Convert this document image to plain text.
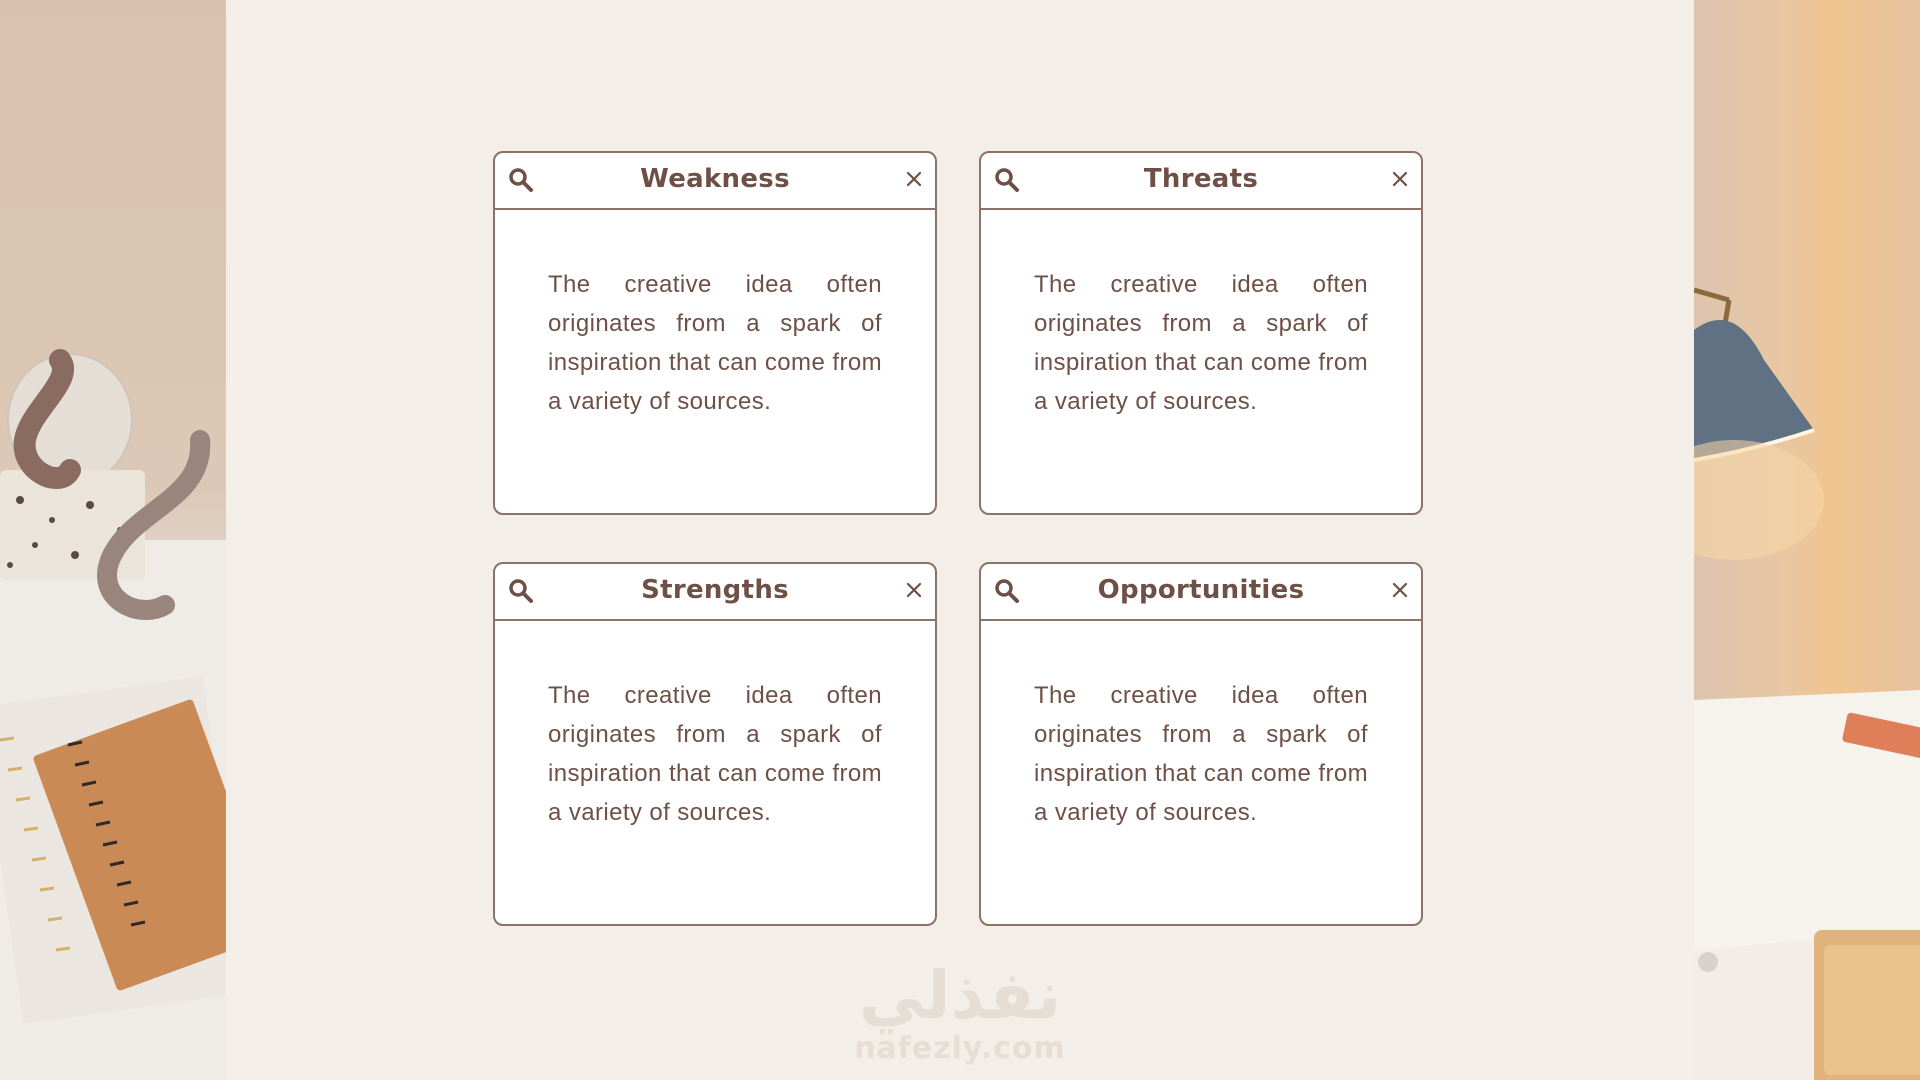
Weakness
The creative idea often originates from a spark of inspiration that can come from a variety of sources.
Threats
The creative idea often originates from a spark of inspiration that can come from a variety of sources.
Strengths
The creative idea often originates from a spark of inspiration that can come from a variety of sources.
Opportunities
The creative idea often originates from a spark of inspiration that can come from a variety of sources.
نفذلي
nafezly.com
